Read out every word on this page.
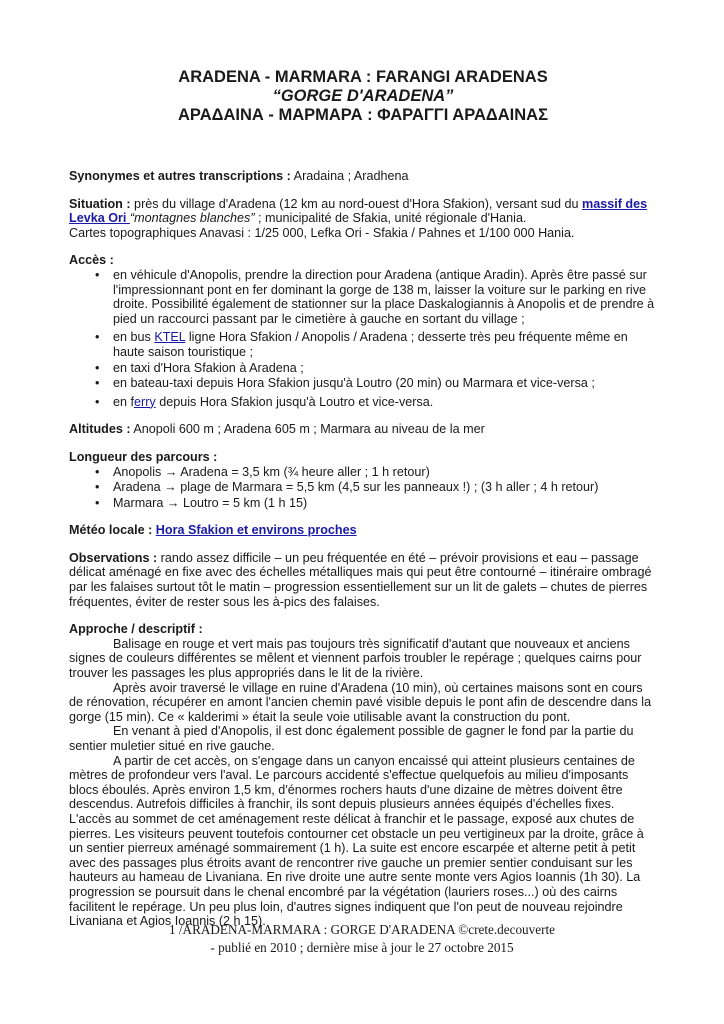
ARADENA - MARMARA : FARANGI ARADENAS
“GORGE D'ARADENA”
ΑΡΑΔΑΙΝΑ - ΜΑΡΜΑΡΑ : ΦΑΡΑΓΓΙ ΑΡΑΔΑΙΝΑΣ
Synonymes et autres transcriptions : Aradaina ; Aradhena
Situation : près du village d'Aradena (12 km au nord-ouest d'Hora Sfakion), versant sud du massif des Levka Ori “montagnes blanches” ; municipalité de Sfakia, unité régionale d'Hania.
Cartes topographiques Anavasi : 1/25 000, Lefka Ori - Sfakia / Pahnes et 1/100 000 Hania.
Accès :
• en véhicule d'Anopolis, prendre la direction pour Aradena (antique Aradin). Après être passé sur l'impressionnant pont en fer dominant la gorge de 138 m, laisser la voiture sur le parking en rive droite. Possibilité également de stationner sur la place Daskalogiannis à Anopolis et de prendre à pied un raccourci passant par le cimetière à gauche en sortant du village ;
• en bus KTEL ligne Hora Sfakion / Anopolis / Aradena ; desserte très peu fréquente même en haute saison touristique ;
• en taxi d'Hora Sfakion à Aradena ;
• en bateau-taxi depuis Hora Sfakion jusqu'à Loutro (20 min) ou Marmara et vice-versa ;
• en ferry depuis Hora Sfakion jusqu'à Loutro et vice-versa.
Altitudes : Anopoli 600 m ; Aradena 605 m ; Marmara au niveau de la mer
Longueur des parcours :
• Anopolis → Aradena = 3,5 km (¾ heure aller ; 1 h retour)
• Aradena → plage de Marmara = 5,5 km (4,5 sur les panneaux !) ; (3 h aller ; 4 h retour)
• Marmara → Loutro = 5 km (1 h 15)
Météo locale : Hora Sfakion et environs proches
Observations : rando assez difficile – un peu fréquentée en été – prévoir provisions et eau – passage délicat aménagé en fixe avec des échelles métalliques mais qui peut être contourné – itinéraire ombragé par les falaises surtout tôt le matin – progression essentiellement sur un lit de galets – chutes de pierres fréquentes, éviter de rester sous les à-pics des falaises.
Approche / descriptif :

Balisage en rouge et vert mais pas toujours très significatif d'autant que nouveaux et anciens signes de couleurs différentes se mêlent et viennent parfois troubler le repérage ; quelques cairns pour trouver les passages les plus appropriés dans le lit de la rivière.

Après avoir traversé le village en ruine d'Aradena (10 min), où certaines maisons sont en cours de rénovation, récupérer en amont l'ancien chemin pavé visible depuis le pont afin de descendre dans la gorge (15 min). Ce « kalderimi » était la seule voie utilisable avant la construction du pont.

En venant à pied d'Anopolis, il est donc également possible de gagner le fond par la partie du sentier muletier situé en rive gauche.

A partir de cet accès, on s'engage dans un canyon encaissé qui atteint plusieurs centaines de mètres de profondeur vers l'aval. Le parcours accidenté s'effectue quelquefois au milieu d'imposants blocs éboulés. Après environ 1,5 km, d'énormes rochers hauts d'une dizaine de mètres doivent être descendus. Autrefois difficiles à franchir, ils sont depuis plusieurs années équipés d'échelles fixes. L'accès au sommet de cet aménagement reste délicat à franchir et le passage, exposé aux chutes de pierres. Les visiteurs peuvent toutefois contourner cet obstacle un peu vertigineux par la droite, grâce à un sentier pierreux aménagé sommairement (1 h). La suite est encore escarpée et alterne petit à petit avec des passages plus étroits avant de rencontrer rive gauche un premier sentier conduisant sur les hauteurs au hameau de Livaniana. En rive droite une autre sente monte vers Agios Ioannis (1h 30). La progression se poursuit dans le chenal encombré par la végétation (lauriers roses...) où des cairns facilitent le repérage. Un peu plus loin, d'autres signes indiquent que l'on peut de nouveau rejoindre Livaniana et Agios Ioannis (2 h 15).

1 /ARADENA-MARMARA : GORGE D'ARADENA ©crete.decouverte
- publié en 2010 ; dernière mise à jour le 27 octobre 2015
